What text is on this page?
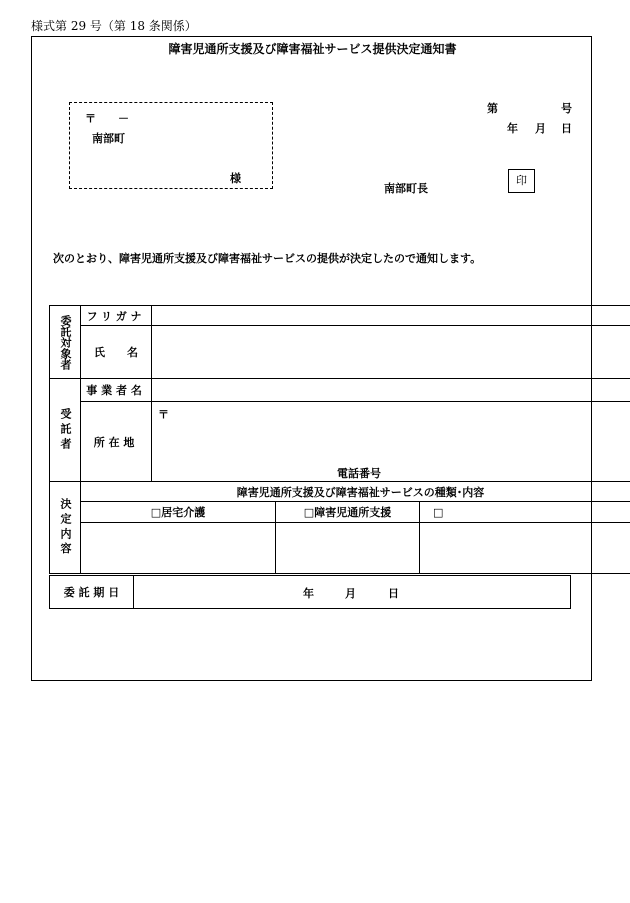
様式第 29 号（第 18 条関係）
障害児通所支援及び障害福祉サービス提供決定通知書
〒 －
南部町
様
第	号
年 月 日
南部町長
印
次のとおり、障害児通所支援及び障害福祉サービスの提供が決定したので通知します。
委託対象者	フリガナ			
	氏　　名			
受託者	事業者名			
	所在地	〒
電話番号		

決定内容	障害児通所支援及び障害福祉サービスの種類･内容			
	□居宅介護		□障害児通所支援	□

委 託 期 日	年	月	日
